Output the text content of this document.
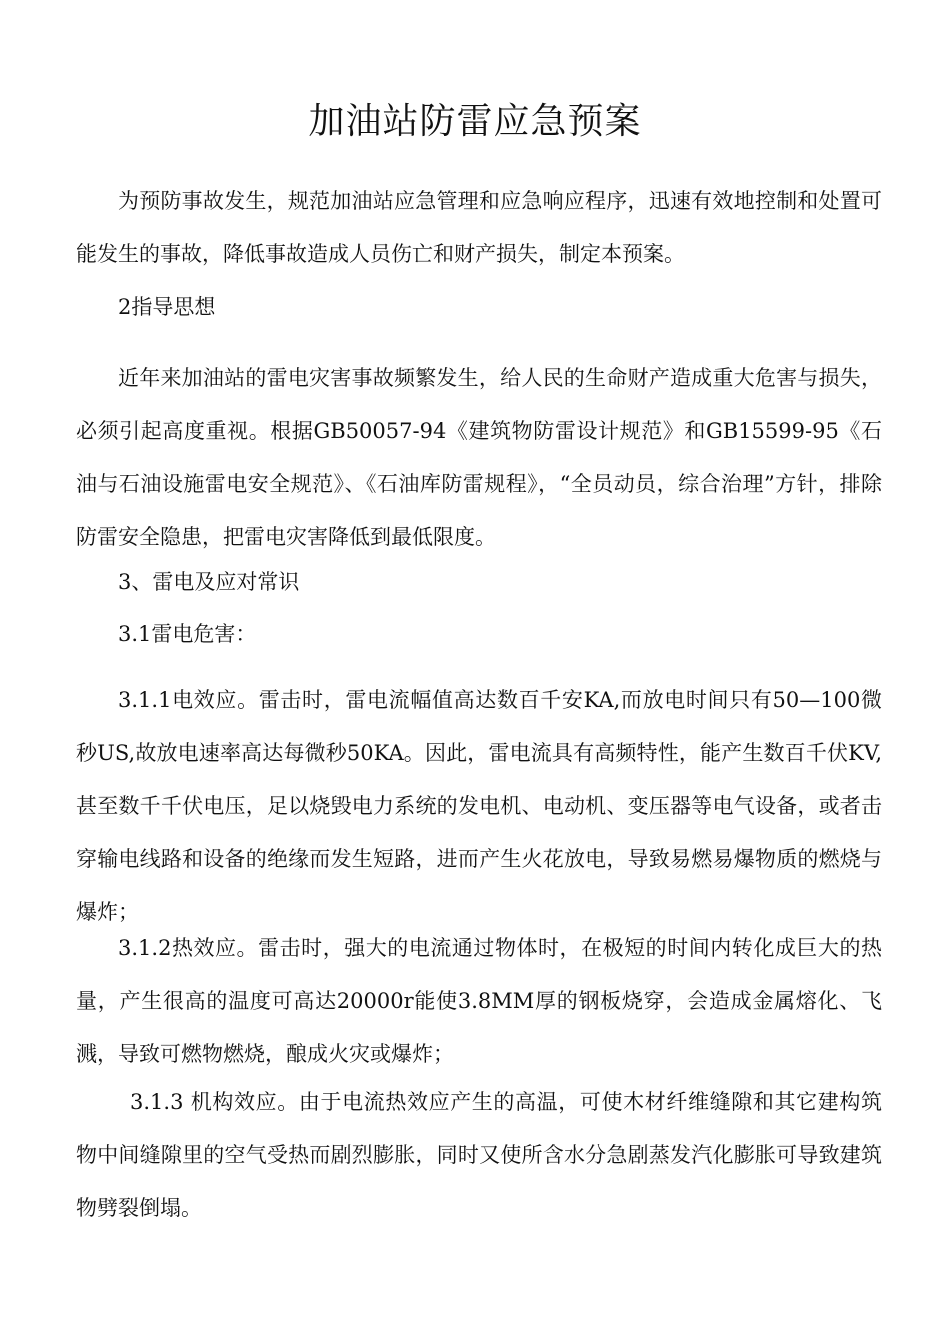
加油站防雷应急预案

为预防事故发生，规范加油站应急管理和应急响应程序，迅速有效地控制和处置可能发生的事故，降低事故造成人员伤亡和财产损失，制定本预案。

2指导思想

近年来加油站的雷电灾害事故频繁发生，给人民的生命财产造成重大危害与损失，必须引起高度重视。根据GB50057-94《建筑物防雷设计规范》和GB15599-95《石油与石油设施雷电安全规范》、《石油库防雷规程》，“全员动员，综合治理”方针，排除防雷安全隐患，把雷电灾害降低到最低限度。

3、雷电及应对常识

3.1雷电危害：

3.1.1电效应。雷击时，雷电流幅值高达数百千安KA,而放电时间只有50—100微秒US,故放电速率高达每微秒50KA。因此，雷电流具有高频特性，能产生数百千伏KV,甚至数千千伏电压，足以烧毁电力系统的发电机、电动机、变压器等电气设备，或者击穿输电线路和设备的绝缘而发生短路，进而产生火花放电，导致易燃易爆物质的燃烧与爆炸；

3.1.2热效应。雷击时，强大的电流通过物体时，在极短的时间内转化成巨大的热量，产生很高的温度可高达20000r能使3.8MM厚的钢板烧穿，会造成金属熔化、飞溅，导致可燃物燃烧，酿成火灾或爆炸；

3.1.3 机构效应。由于电流热效应产生的高温，可使木材纤维缝隙和其它建构筑物中间缝隙里的空气受热而剧烈膨胀，同时又使所含水分急剧蒸发汽化膨胀可导致建筑物劈裂倒塌。
